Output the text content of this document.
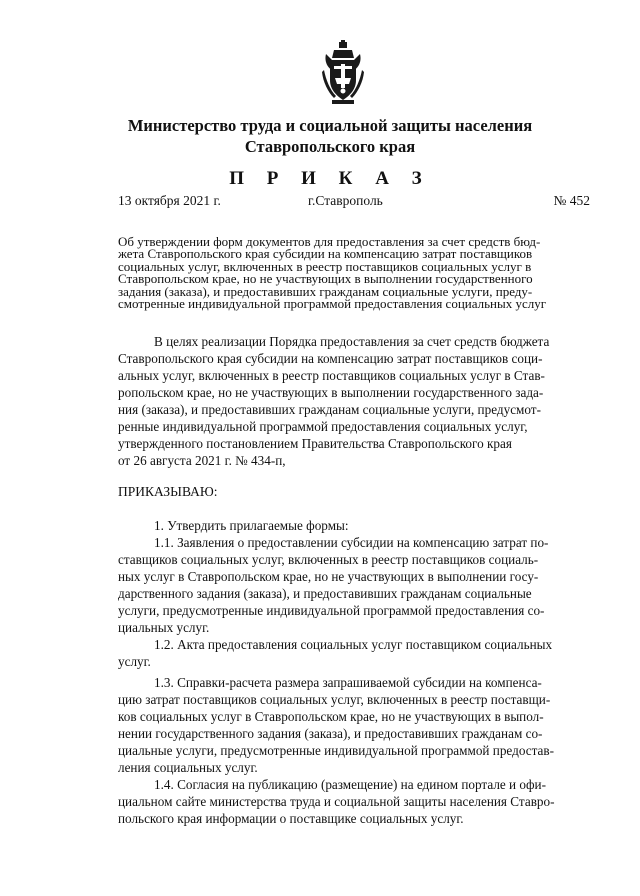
Министерство труда и социальной защиты населения
Ставропольского края
П Р И К А З
13 октября 2021 г.	г.Ставрополь	№ 452
Об утверждении форм документов для предоставления за счет средств бюд-
жета Ставропольского края субсидии на компенсацию затрат поставщиков
социальных услуг, включенных в реестр поставщиков социальных услуг в
Ставропольском крае, но не участвующих в выполнении государственного
задания (заказа), и предоставивших гражданам социальные услуги, преду-
смотренные индивидуальной программой предоставления социальных услуг
В целях реализации Порядка предоставления за счет средств бюджета
Ставропольского края субсидии на компенсацию затрат поставщиков соци-
альных услуг, включенных в реестр поставщиков социальных услуг в Став-
ропольском крае, но не участвующих в выполнении государственного зада-
ния (заказа), и предоставивших гражданам социальные услуги, предусмот-
ренные индивидуальной программой предоставления социальных услуг,
утвержденного постановлением Правительства Ставропольского края
от 26 августа 2021 г. № 434-п,
ПРИКАЗЫВАЮ:
1. Утвердить прилагаемые формы:
1.1. Заявления о предоставлении субсидии на компенсацию затрат по-
ставщиков социальных услуг, включенных в реестр поставщиков социаль-
ных услуг в Ставропольском крае, но не участвующих в выполнении госу-
дарственного задания (заказа), и предоставивших гражданам социальные
услуги, предусмотренные индивидуальной программой предоставления со-
циальных услуг.
1.2. Акта предоставления социальных услуг поставщиком социальных
услуг.
1.3. Справки-расчета размера запрашиваемой субсидии на компенса-
цию затрат поставщиков социальных услуг, включенных в реестр поставщи-
ков социальных услуг в Ставропольском крае, но не участвующих в выпол-
нении государственного задания (заказа), и предоставивших гражданам со-
циальные услуги, предусмотренные индивидуальной программой предостав-
ления социальных услуг.
1.4. Согласия на публикацию (размещение) на едином портале и офи-
циальном сайте министерства труда и социальной защиты населения Ставро-
польского края информации о поставщике социальных услуг.
